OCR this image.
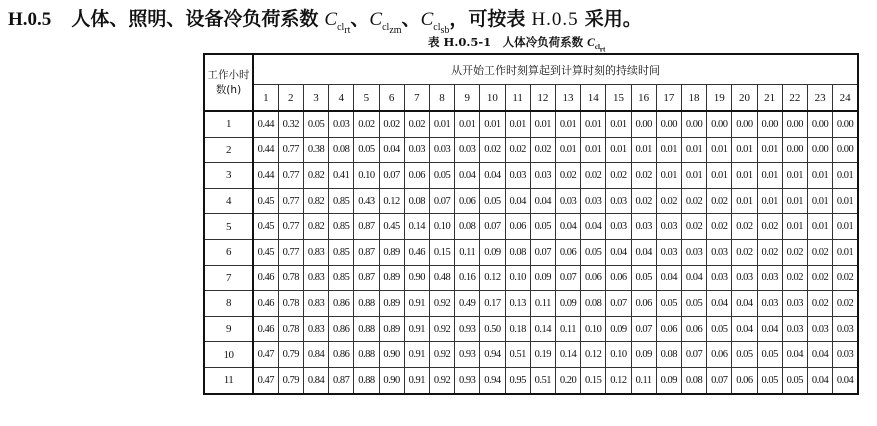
H.0.5 人体、照明、设备冷负荷系数 $C_{cl_{rt}}$、$C_{cl_{zm}}$、$C_{cl_{sb}}$，可按表 H.0.5 采用。
表 H.0.5-1　人体冷负荷系数 $C_{cl_{rt}}$
工作小时数(h)	从开始工作时刻算起到计算时刻的持续时间																							
	1	2	3	4	5	6	7	8	9	10	11	12	13	14	15	16	17	18	19	20	21	22	23	24
1	0.44	0.32	0.05	0.03	0.02	0.02	0.02	0.01	0.01	0.01	0.01	0.01	0.01	0.01	0.01	0.00	0.00	0.00	0.00	0.00	0.00	0.00	0.00	0.00
2	0.44	0.77	0.38	0.08	0.05	0.04	0.03	0.03	0.03	0.02	0.02	0.02	0.01	0.01	0.01	0.01	0.01	0.01	0.01	0.01	0.01	0.00	0.00	0.00
3	0.44	0.77	0.82	0.41	0.10	0.07	0.06	0.05	0.04	0.04	0.03	0.03	0.02	0.02	0.02	0.02	0.01	0.01	0.01	0.01	0.01	0.01	0.01	0.01
4	0.45	0.77	0.82	0.85	0.43	0.12	0.08	0.07	0.06	0.05	0.04	0.04	0.03	0.03	0.03	0.02	0.02	0.02	0.02	0.01	0.01	0.01	0.01	0.01
5	0.45	0.77	0.82	0.85	0.87	0.45	0.14	0.10	0.08	0.07	0.06	0.05	0.04	0.04	0.03	0.03	0.03	0.02	0.02	0.02	0.02	0.01	0.01	0.01
6	0.45	0.77	0.83	0.85	0.87	0.89	0.46	0.15	0.11	0.09	0.08	0.07	0.06	0.05	0.04	0.04	0.03	0.03	0.03	0.02	0.02	0.02	0.02	0.01
7	0.46	0.78	0.83	0.85	0.87	0.89	0.90	0.48	0.16	0.12	0.10	0.09	0.07	0.06	0.06	0.05	0.04	0.04	0.03	0.03	0.03	0.02	0.02	0.02
8	0.46	0.78	0.83	0.86	0.88	0.89	0.91	0.92	0.49	0.17	0.13	0.11	0.09	0.08	0.07	0.06	0.05	0.05	0.04	0.04	0.03	0.03	0.02	0.02
9	0.46	0.78	0.83	0.86	0.88	0.89	0.91	0.92	0.93	0.50	0.18	0.14	0.11	0.10	0.09	0.07	0.06	0.06	0.05	0.04	0.04	0.03	0.03	0.03
10	0.47	0.79	0.84	0.86	0.88	0.90	0.91	0.92	0.93	0.94	0.51	0.19	0.14	0.12	0.10	0.09	0.08	0.07	0.06	0.05	0.05	0.04	0.04	0.03
11	0.47	0.79	0.84	0.87	0.88	0.90	0.91	0.92	0.93	0.94	0.95	0.51	0.20	0.15	0.12	0.11	0.09	0.08	0.07	0.06	0.05	0.05	0.04	0.04
